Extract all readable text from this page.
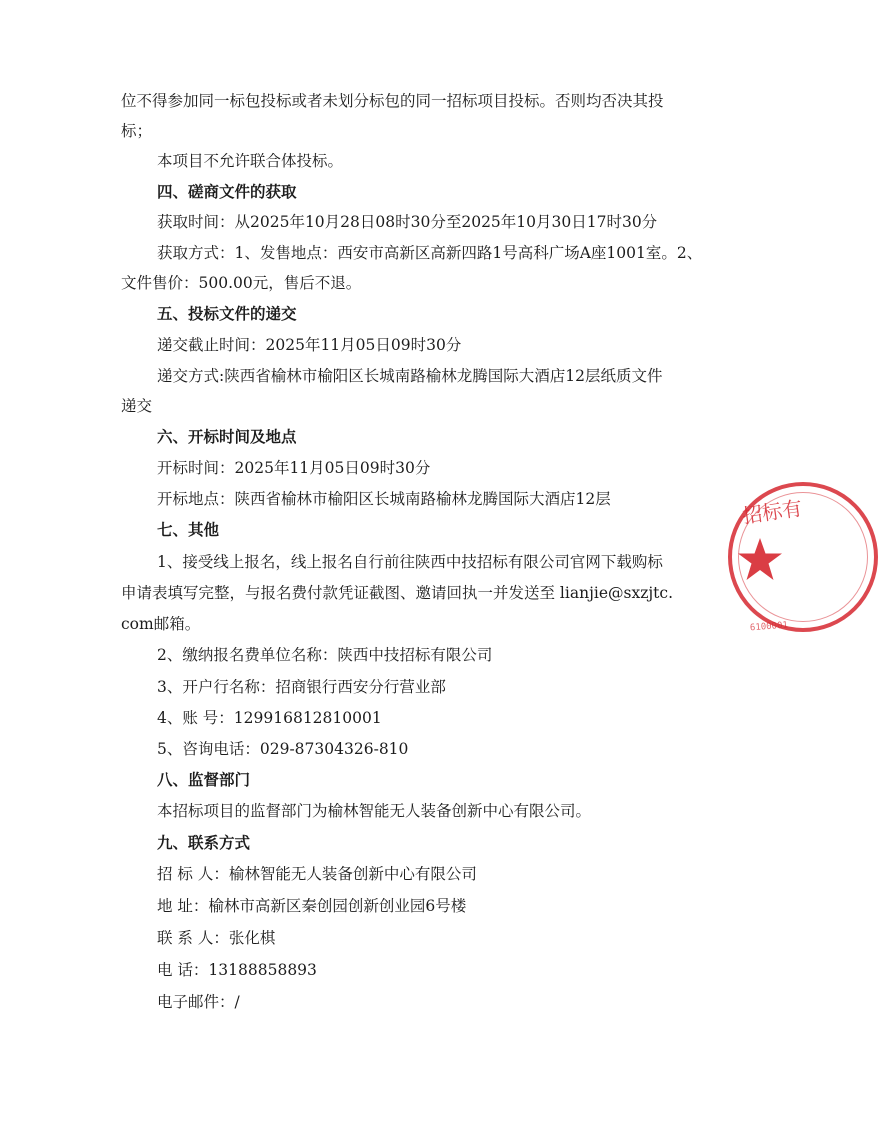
位不得参加同一标包投标或者未划分标包的同一招标项目投标。否则均否决其投
标；
本项目不允许联合体投标。
四、磋商文件的获取
获取时间：从2025年10月28日08时30分至2025年10月30日17时30分
获取方式：1、发售地点：西安市高新区高新四路1号高科广场A座1001室。2、
文件售价：500.00元，售后不退。
五、投标文件的递交
递交截止时间：2025年11月05日09时30分
递交方式:陕西省榆林市榆阳区长城南路榆林龙腾国际大酒店12层纸质文件
递交
六、开标时间及地点
开标时间：2025年11月05日09时30分
开标地点：陕西省榆林市榆阳区长城南路榆林龙腾国际大酒店12层
七、其他
1、接受线上报名，线上报名自行前往陕西中技招标有限公司官网下载购标
申请表填写完整，与报名费付款凭证截图、邀请回执一并发送至 lianjie@sxzjtc.
com邮箱。
2、缴纳报名费单位名称：陕西中技招标有限公司
3、开户行名称：招商银行西安分行营业部
4、账 号：129916812810001
5、咨询电话：029-87304326-810
八、监督部门
本招标项目的监督部门为榆林智能无人装备创新中心有限公司。
九、联系方式
招 标 人：榆林智能无人装备创新中心有限公司
地 址：榆林市高新区秦创园创新创业园6号楼
联 系 人：张化棋
电 话：13188858893
电子邮件：/
招标有
6100001
